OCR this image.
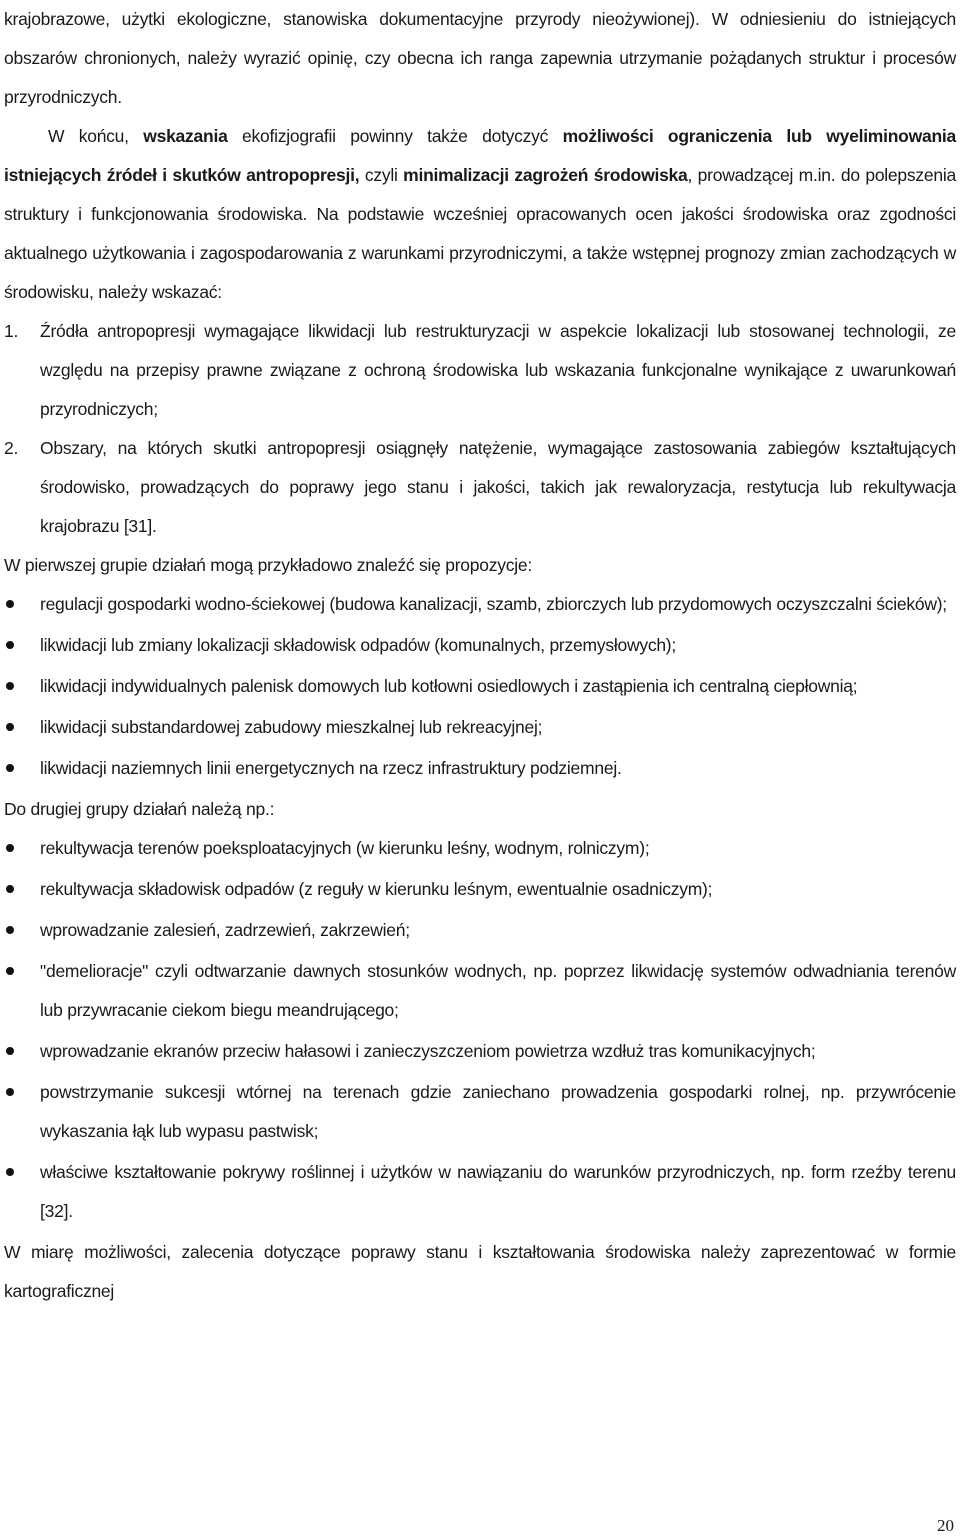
krajobrazowe, użytki ekologiczne, stanowiska dokumentacyjne przyrody nieożywionej). W odniesieniu do istniejących obszarów chronionych, należy wyrazić opinię, czy obecna ich ranga zapewnia utrzymanie pożądanych struktur i procesów przyrodniczych.

W końcu, wskazania ekofizjografii powinny także dotyczyć możliwości ograniczenia lub wyeliminowania istniejących źródeł i skutków antropopresji, czyli minimalizacji zagrożeń środowiska, prowadzącej m.in. do polepszenia struktury i funkcjonowania środowiska. Na podstawie wcześniej opracowanych ocen jakości środowiska oraz zgodności aktualnego użytkowania i zagospodarowania z warunkami przyrodniczymi, a także wstępnej prognozy zmian zachodzących w środowisku, należy wskazać:

1. Źródła antropopresji wymagające likwidacji lub restrukturyzacji w aspekcie lokalizacji lub stosowanej technologii, ze względu na przepisy prawne związane z ochroną środowiska lub wskazania funkcjonalne wynikające z uwarunkowań przyrodniczych;
2. Obszary, na których skutki antropopresji osiągnęły natężenie, wymagające zastosowania zabiegów kształtujących środowisko, prowadzących do poprawy jego stanu i jakości, takich jak rewaloryzacja, restytucja lub rekultywacja krajobrazu [31].

W pierwszej grupie działań mogą przykładowo znaleźć się propozycje:

regulacji gospodarki wodno-ściekowej (budowa kanalizacji, szamb, zbiorczych lub przydomowych oczyszczalni ścieków);
likwidacji lub zmiany lokalizacji składowisk odpadów (komunalnych, przemysłowych);
likwidacji indywidualnych palenisk domowych lub kotłowni osiedlowych i zastąpienia ich centralną ciepłownią;
likwidacji substandardowej zabudowy mieszkalnej lub rekreacyjnej;
likwidacji naziemnych linii energetycznych na rzecz infrastruktury podziemnej.

Do drugiej grupy działań należą np.:

rekultywacja terenów poeksploatacyjnych (w kierunku leśny, wodnym, rolniczym);
rekultywacja składowisk odpadów (z reguły w kierunku leśnym, ewentualnie osadniczym);
wprowadzanie zalesień, zadrzewień, zakrzewień;
"demelioracje" czyli odtwarzanie dawnych stosunków wodnych, np. poprzez likwidację systemów odwadniania terenów lub przywracanie ciekom biegu meandrującego;
wprowadzanie ekranów przeciw hałasowi i zanieczyszczeniom powietrza wzdłuż tras komunikacyjnych;
powstrzymanie sukcesji wtórnej na terenach gdzie zaniechano prowadzenia gospodarki rolnej, np. przywrócenie wykaszania łąk lub wypasu pastwisk;
właściwe kształtowanie pokrywy roślinnej i użytków w nawiązaniu do warunków przyrodniczych, np. form rzeźby terenu [32].

W miarę możliwości, zalecenia dotyczące poprawy stanu i kształtowania środowiska należy zaprezentować w formie kartograficznej

20
